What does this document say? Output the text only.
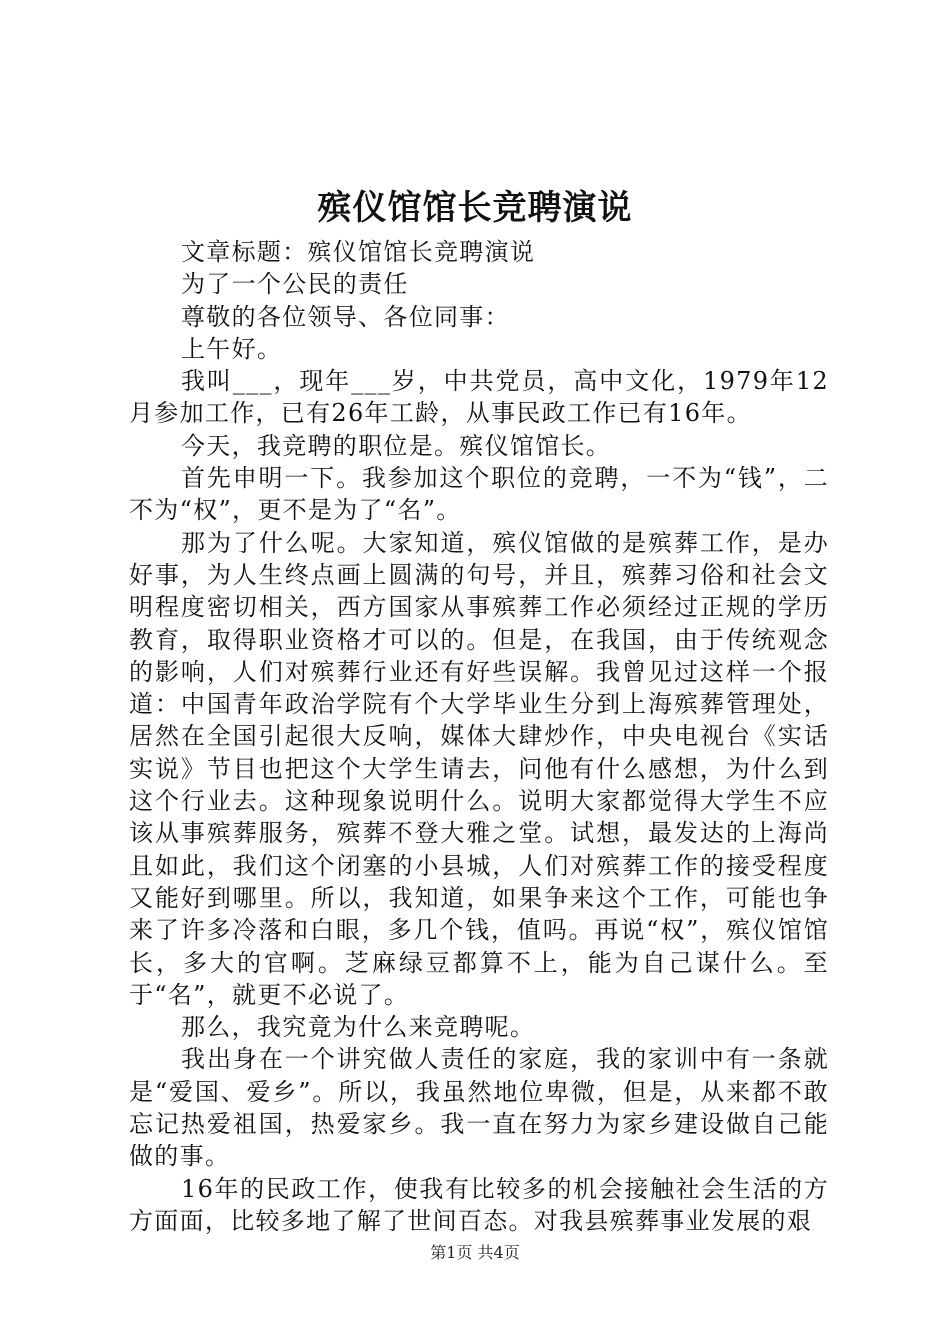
殡仪馆馆长竞聘演说

文章标题：殡仪馆馆长竞聘演说

为了一个公民的责任

尊敬的各位领导、各位同事：

上午好。

我叫___，现年___岁，中共党员，高中文化，1979年12月参加工作，已有26年工龄，从事民政工作已有16年。

今天，我竞聘的职位是。殡仪馆馆长。

首先申明一下。我参加这个职位的竞聘，一不为“钱”，二不为“权”，更不是为了“名”。

那为了什么呢。大家知道，殡仪馆做的是殡葬工作，是办好事，为人生终点画上圆满的句号，并且，殡葬习俗和社会文明程度密切相关，西方国家从事殡葬工作必须经过正规的学历教育，取得职业资格才可以的。但是，在我国，由于传统观念的影响，人们对殡葬行业还有好些误解。我曾见过这样一个报道：中国青年政治学院有个大学毕业生分到上海殡葬管理处，居然在全国引起很大反响，媒体大肆炒作，中央电视台《实话实说》节目也把这个大学生请去，问他有什么感想，为什么到这个行业去。这种现象说明什么。说明大家都觉得大学生不应该从事殡葬服务，殡葬不登大雅之堂。试想，最发达的上海尚且如此，我们这个闭塞的小县城，人们对殡葬工作的接受程度又能好到哪里。所以，我知道，如果争来这个工作，可能也争来了许多冷落和白眼，多几个钱，值吗。再说“权”，殡仪馆馆长，多大的官啊。芝麻绿豆都算不上，能为自己谋什么。至于“名”，就更不必说了。

那么，我究竟为什么来竞聘呢。

我出身在一个讲究做人责任的家庭，我的家训中有一条就是“爱国、爱乡”。所以，我虽然地位卑微，但是，从来都不敢忘记热爱祖国，热爱家乡。我一直在努力为家乡建设做自己能做的事。

16年的民政工作，使我有比较多的机会接触社会生活的方方面面，比较多地了解了世间百态。对我县殡葬事业发展的艰

第1页 共4页
